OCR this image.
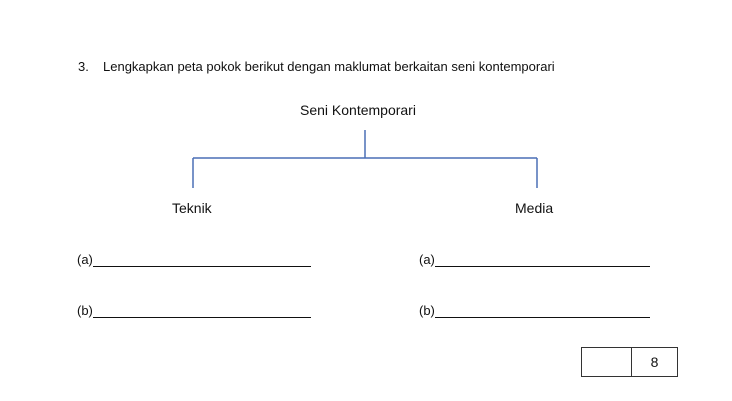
3. Lengkapkan peta pokok berikut dengan maklumat berkaitan seni kontemporari
Seni Kontemporari
Teknik	Media
(a)
(b)
(a)
(b)
8
